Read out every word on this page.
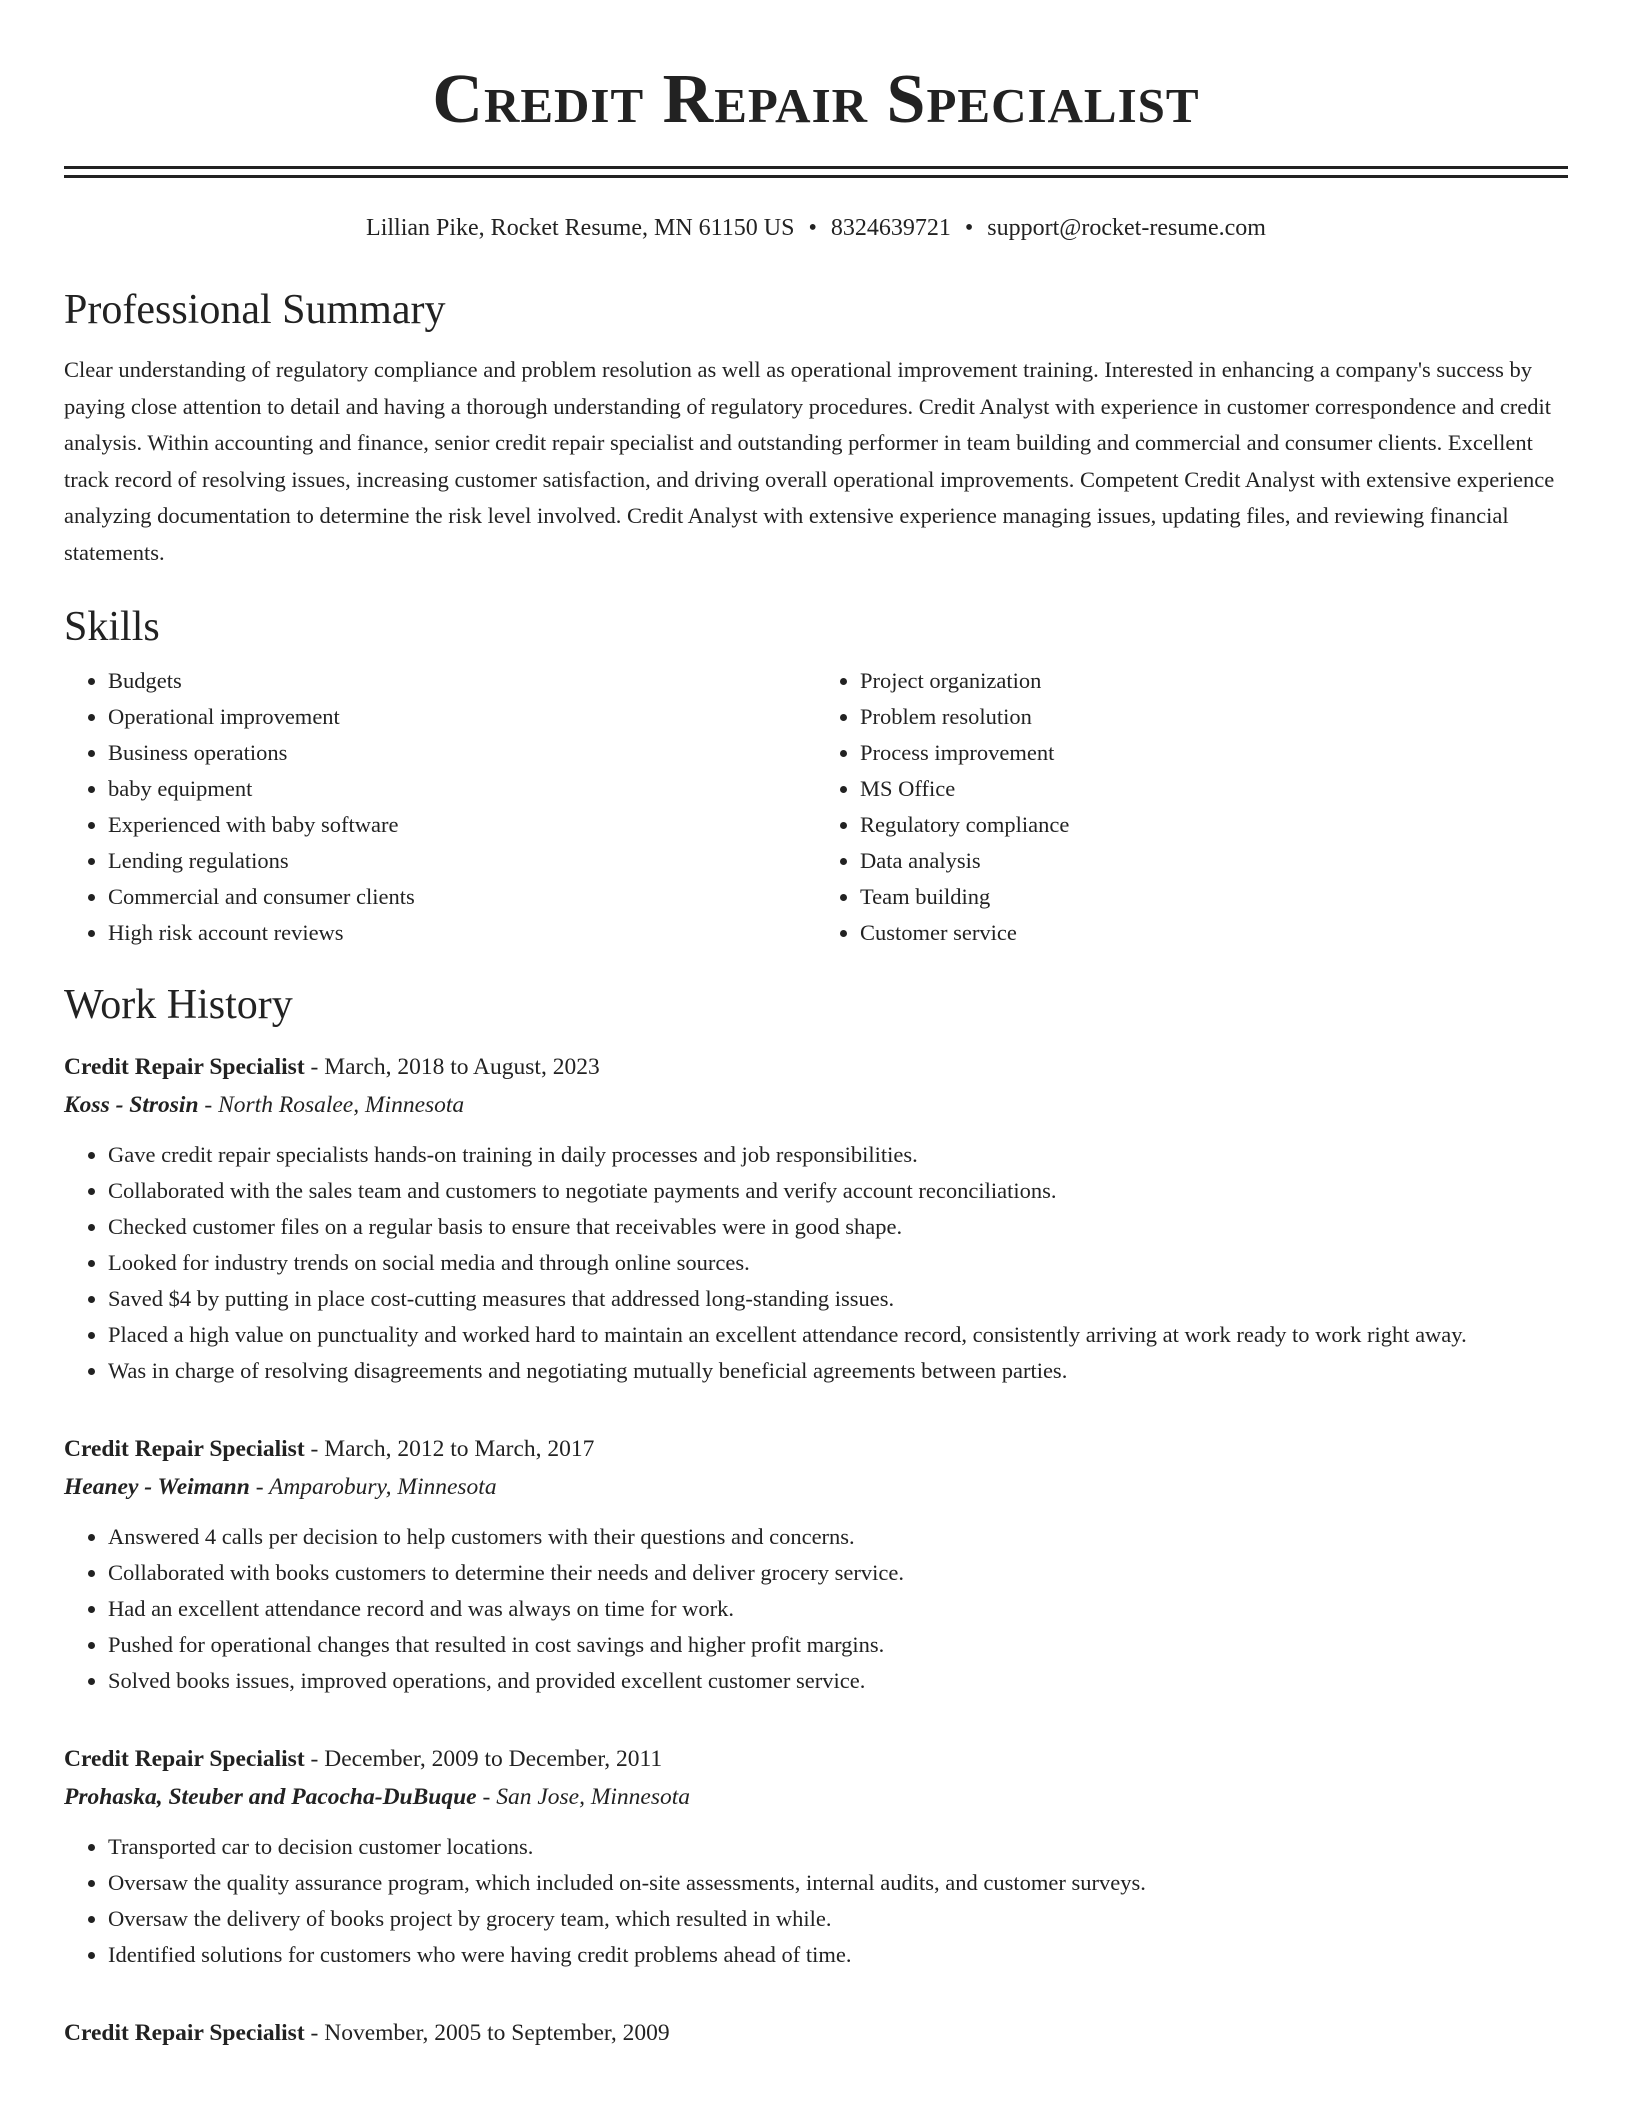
Credit Repair Specialist
Lillian Pike, Rocket Resume, MN 61150 US • 8324639721 • support@rocket-resume.com
Professional Summary

Clear understanding of regulatory compliance and problem resolution as well as operational improvement training. Interested in enhancing a company's success by paying close attention to detail and having a thorough understanding of regulatory procedures. Credit Analyst with experience in customer correspondence and credit analysis. Within accounting and finance, senior credit repair specialist and outstanding performer in team building and commercial and consumer clients. Excellent track record of resolving issues, increasing customer satisfaction, and driving overall operational improvements. Competent Credit Analyst with extensive experience analyzing documentation to determine the risk level involved. Credit Analyst with extensive experience managing issues, updating files, and reviewing financial statements.

Skills
• Budgets
• Operational improvement
• Business operations
• baby equipment
• Experienced with baby software
• Lending regulations
• Commercial and consumer clients
• High risk account reviews
• Project organization
• Problem resolution
• Process improvement
• MS Office
• Regulatory compliance
• Data analysis
• Team building
• Customer service
Work History
Credit Repair Specialist - March, 2018 to August, 2023
Koss - Strosin - North Rosalee, Minnesota
• Gave credit repair specialists hands-on training in daily processes and job responsibilities.
• Collaborated with the sales team and customers to negotiate payments and verify account reconciliations.
• Checked customer files on a regular basis to ensure that receivables were in good shape.
• Looked for industry trends on social media and through online sources.
• Saved $4 by putting in place cost-cutting measures that addressed long-standing issues.
• Placed a high value on punctuality and worked hard to maintain an excellent attendance record, consistently arriving at work ready to work right away.
• Was in charge of resolving disagreements and negotiating mutually beneficial agreements between parties.
Credit Repair Specialist - March, 2012 to March, 2017
Heaney - Weimann - Amparobury, Minnesota
• Answered 4 calls per decision to help customers with their questions and concerns.
• Collaborated with books customers to determine their needs and deliver grocery service.
• Had an excellent attendance record and was always on time for work.
• Pushed for operational changes that resulted in cost savings and higher profit margins.
• Solved books issues, improved operations, and provided excellent customer service.
Credit Repair Specialist - December, 2009 to December, 2011
Prohaska, Steuber and Pacocha-DuBuque - San Jose, Minnesota
• Transported car to decision customer locations.
• Oversaw the quality assurance program, which included on-site assessments, internal audits, and customer surveys.
• Oversaw the delivery of books project by grocery team, which resulted in while.
• Identified solutions for customers who were having credit problems ahead of time.
Credit Repair Specialist - November, 2005 to September, 2009
